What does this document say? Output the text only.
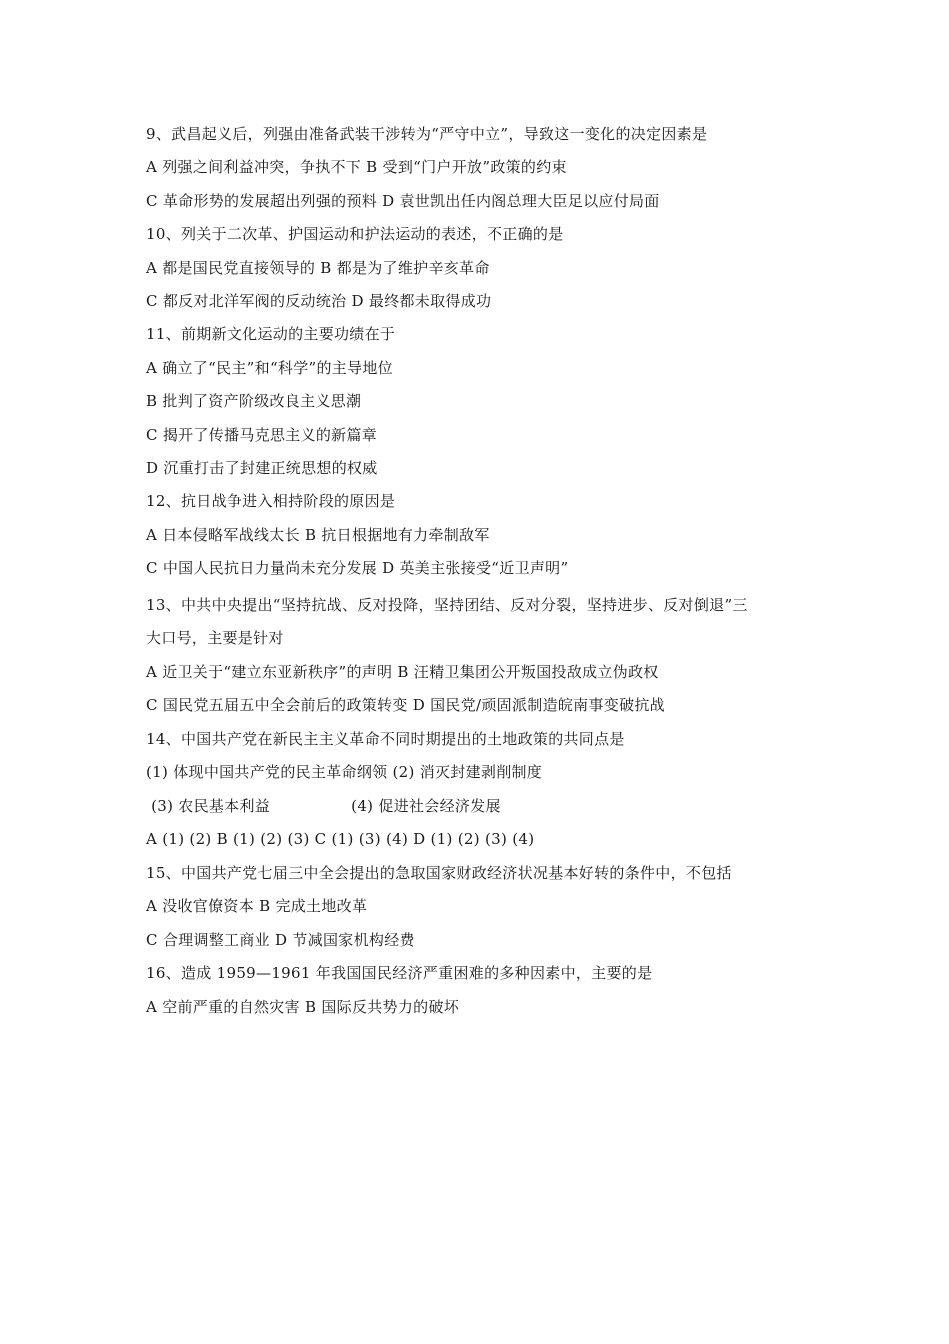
9、武昌起义后，列强由准备武装干涉转为“严守中立”，导致这一变化的决定因素是
A 列强之间利益冲突，争执不下 B 受到“门户开放”政策的约束
C 革命形势的发展超出列强的预料 D 袁世凯出任内阁总理大臣足以应付局面
10、列关于二次革、护国运动和护法运动的表述，不正确的是
A 都是国民党直接领导的 B 都是为了维护辛亥革命
C 都反对北洋军阀的反动统治 D 最终都未取得成功
11、前期新文化运动的主要功绩在于
A 确立了“民主”和“科学”的主导地位
B 批判了资产阶级改良主义思潮
C 揭开了传播马克思主义的新篇章
D 沉重打击了封建正统思想的权威
12、抗日战争进入相持阶段的原因是
A 日本侵略军战线太长 B 抗日根据地有力牵制敌军
C 中国人民抗日力量尚未充分发展 D 英美主张接受“近卫声明”
13、中共中央提出“坚持抗战、反对投降，坚持团结、反对分裂，坚持进步、反对倒退”三
大口号，主要是针对
A 近卫关于“建立东亚新秩序”的声明 B 汪精卫集团公开叛国投敌成立伪政权
C 国民党五届五中全会前后的政策转变 D 国民党/顽固派制造皖南事变破抗战
14、中国共产党在新民主主义革命不同时期提出的土地政策的共同点是
(1) 体现中国共产党的民主革命纲领 (2) 消灭封建剥削制度
(3) 农民基本利益                (4) 促进社会经济发展
A (1) (2) B (1) (2) (3) C (1) (3) (4) D (1) (2) (3) (4)
15、中国共产党七届三中全会提出的急取国家财政经济状况基本好转的条件中，不包括
A 没收官僚资本 B 完成土地改革
C 合理调整工商业 D 节减国家机构经费
16、造成 1959—1961 年我国国民经济严重困难的多种因素中，主要的是
A 空前严重的自然灾害 B 国际反共势力的破坏
